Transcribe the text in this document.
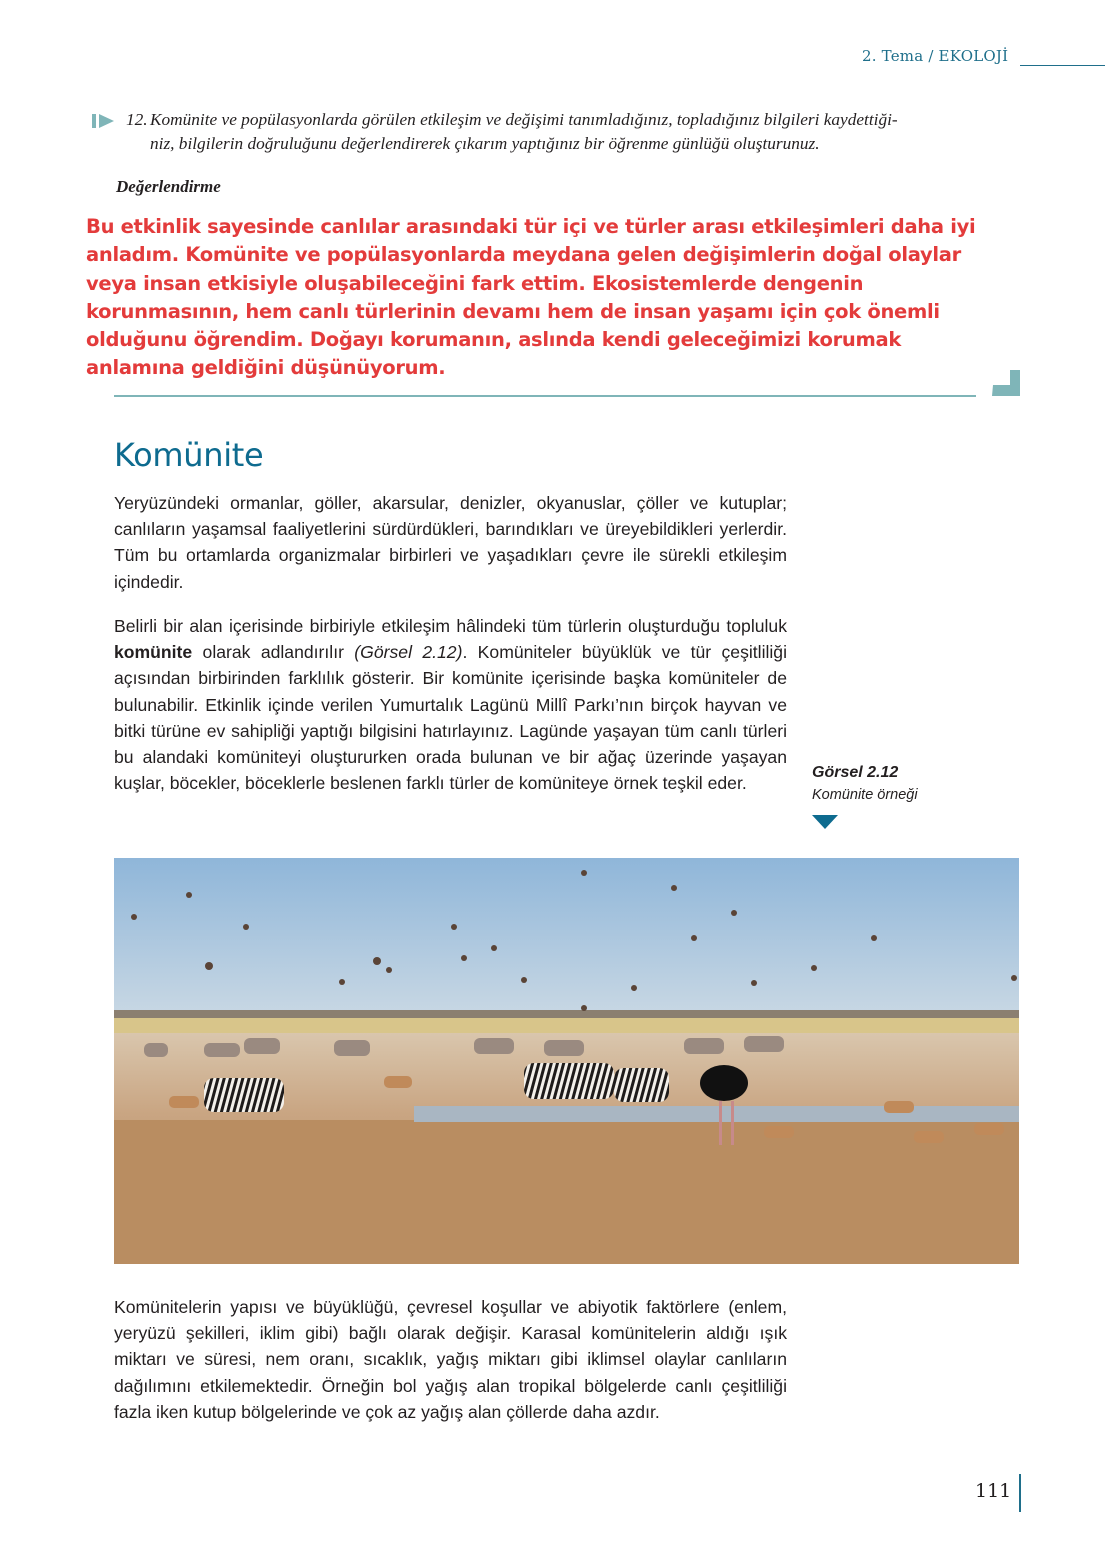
2. Tema / EKOLOJİ
12. Komünite ve popülasyonlarda görülen etkileşim ve değişimi tanımladığınız, topladığınız bilgileri kaydettiği-
niz, bilgilerin doğruluğunu değerlendirerek çıkarım yaptığınız bir öğrenme günlüğü oluşturunuz.
Değerlendirme
Bu etkinlik sayesinde canlılar arasındaki tür içi ve türler arası etkileşimleri daha iyi
anladım. Komünite ve popülasyonlarda meydana gelen değişimlerin doğal olaylar
veya insan etkisiyle oluşabileceğini fark ettim. Ekosistemlerde dengenin
korunmasının, hem canlı türlerinin devamı hem de insan yaşamı için çok önemli
olduğunu öğrendim. Doğayı korumanın, aslında kendi geleceğimizi korumak
anlamına geldiğini düşünüyorum.
Komünite
Yeryüzündeki ormanlar, göller, akarsular, denizler, okyanuslar, çöller ve kutuplar; canlıların yaşamsal faaliyetlerini sürdürdükleri, barındıkları ve üreyebildikleri yerlerdir. Tüm bu ortamlarda organizmalar birbirleri ve yaşadıkları çevre ile sürekli etkileşim içindedir.
Belirli bir alan içerisinde birbiriyle etkileşim hâlindeki tüm türlerin oluşturduğu topluluk komünite olarak adlandırılır (Görsel 2.12). Komüniteler büyüklük ve tür çeşitliliği açısından birbirinden farklılık gösterir. Bir komünite içerisinde başka komüniteler de bulunabilir. Etkinlik içinde verilen Yumurtalık Lagünü Millî Parkı’nın birçok hayvan ve bitki türüne ev sahipliği yaptığı bilgisini hatırlayınız. Lagünde yaşayan tüm canlı türleri bu alandaki komüniteyi oluştururken orada bulunan ve bir ağaç üzerinde yaşayan kuşlar, böcekler, böceklerle beslenen farklı türler de komüniteye örnek teşkil eder.
Görsel 2.12
Komünite örneği
Komünitelerin yapısı ve büyüklüğü, çevresel koşullar ve abiyotik faktörlere (enlem, yeryüzü şekilleri, iklim gibi) bağlı olarak değişir. Karasal komünitelerin aldığı ışık miktarı ve süresi, nem oranı, sıcaklık, yağış miktarı gibi iklimsel olaylar canlıların dağılımını etkilemektedir. Örneğin bol yağış alan tropikal bölgelerde canlı çeşitliliği fazla iken kutup bölgelerinde ve çok az yağış alan çöllerde daha azdır.
111
